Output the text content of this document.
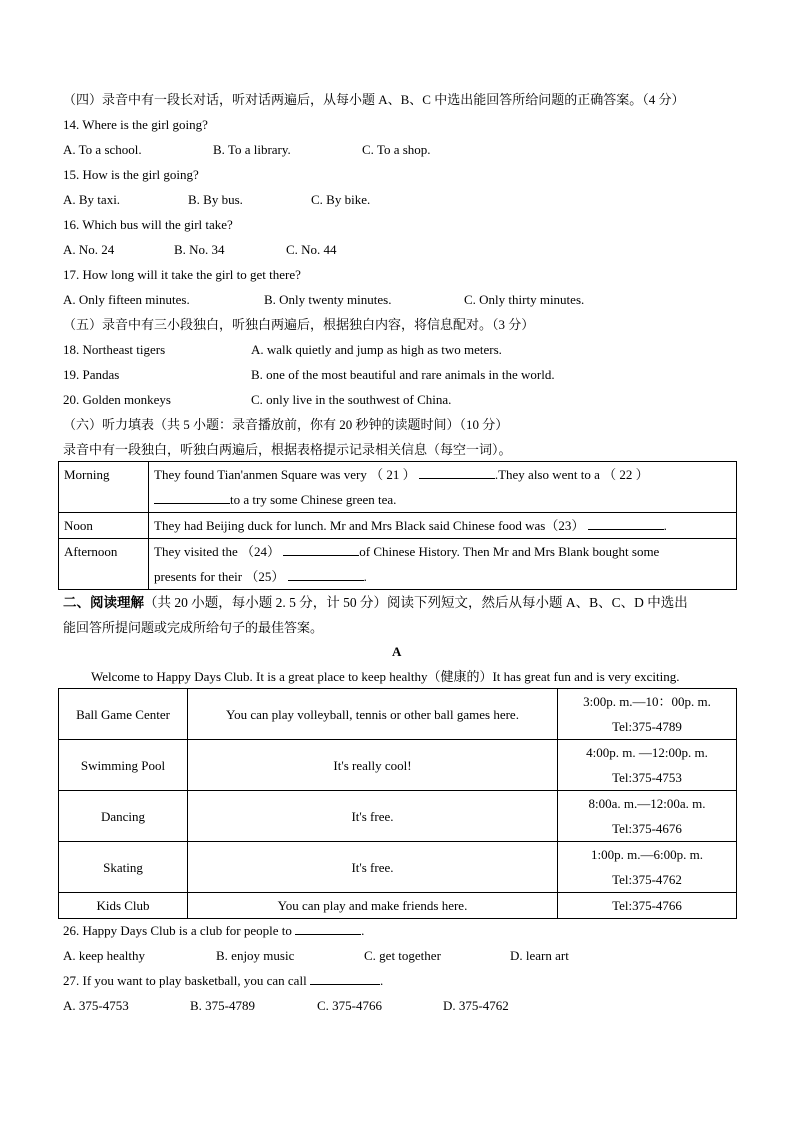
（四）录音中有一段长对话，听对话两遍后，从每小题 A、B、C 中选出能回答所给问题的正确答案。（4 分）
14. Where is the girl going?
A. To a school.	B. To a library.	C. To a shop.
15. How is the girl going?
A. By taxi.	B. By bus.	C. By bike.
16. Which bus will the girl take?
A. No. 24	B. No. 34	C. No. 44
17. How long will it take the girl to get there?
A. Only fifteen minutes.	B. Only twenty minutes.	C. Only thirty minutes.
（五）录音中有三小段独白，听独白两遍后，根据独白内容，将信息配对。（3 分）
18. Northeast tigers	A. walk quietly and jump as high as two meters.
19. Pandas	B. one of the most beautiful and rare animals in the world.
20. Golden monkeys	C. only live in the southwest of China.
（六）听力填表（共 5 小题：录音播放前，你有 20 秒钟的读题时间）（10 分）
录音中有一段独白，听独白两遍后，根据表格提示记录相关信息（每空一词）。
Morning	They found Tian'anmen Square was very （ 21 ） .They also went to a （ 22 ）
to a try some Chinese green tea.

Noon	They had Beijing duck for lunch. Mr and Mrs Black said Chinese food was（23） .
Afternoon	They visited the （24） of Chinese History. Then Mr and Mrs Blank bought some
presents for their （25） .
二、阅读理解（共 20 小题，每小题 2. 5 分，计 50 分）阅读下列短文，然后从每小题 A、B、C、D 中选出
能回答所提问题或完成所给句子的最佳答案。
A
Welcome to Happy Days Club. It is a great place to keep healthy（健康的）It has great fun and is very exciting.
Ball Game Center	You can play volleyball, tennis or other ball games here.	3:00p. m.—10：00p. m.
Tel:375-4789

Swimming Pool	It's really cool!	4:00p. m. —12:00p. m.
Tel:375-4753

Dancing	It's free.	8:00a. m.—12:00a. m.
Tel:375-4676

Skating	It's free.	1:00p. m.—6:00p. m.
Tel:375-4762

Kids Club	You can play and make friends here.	Tel:375-4766
26. Happy Days Club is a club for people to	.
A. keep healthy	B. enjoy music	C. get together	D. learn art
27. If you want to play basketball, you can call	.
A. 375-4753	B. 375-4789	C. 375-4766	D. 375-4762
